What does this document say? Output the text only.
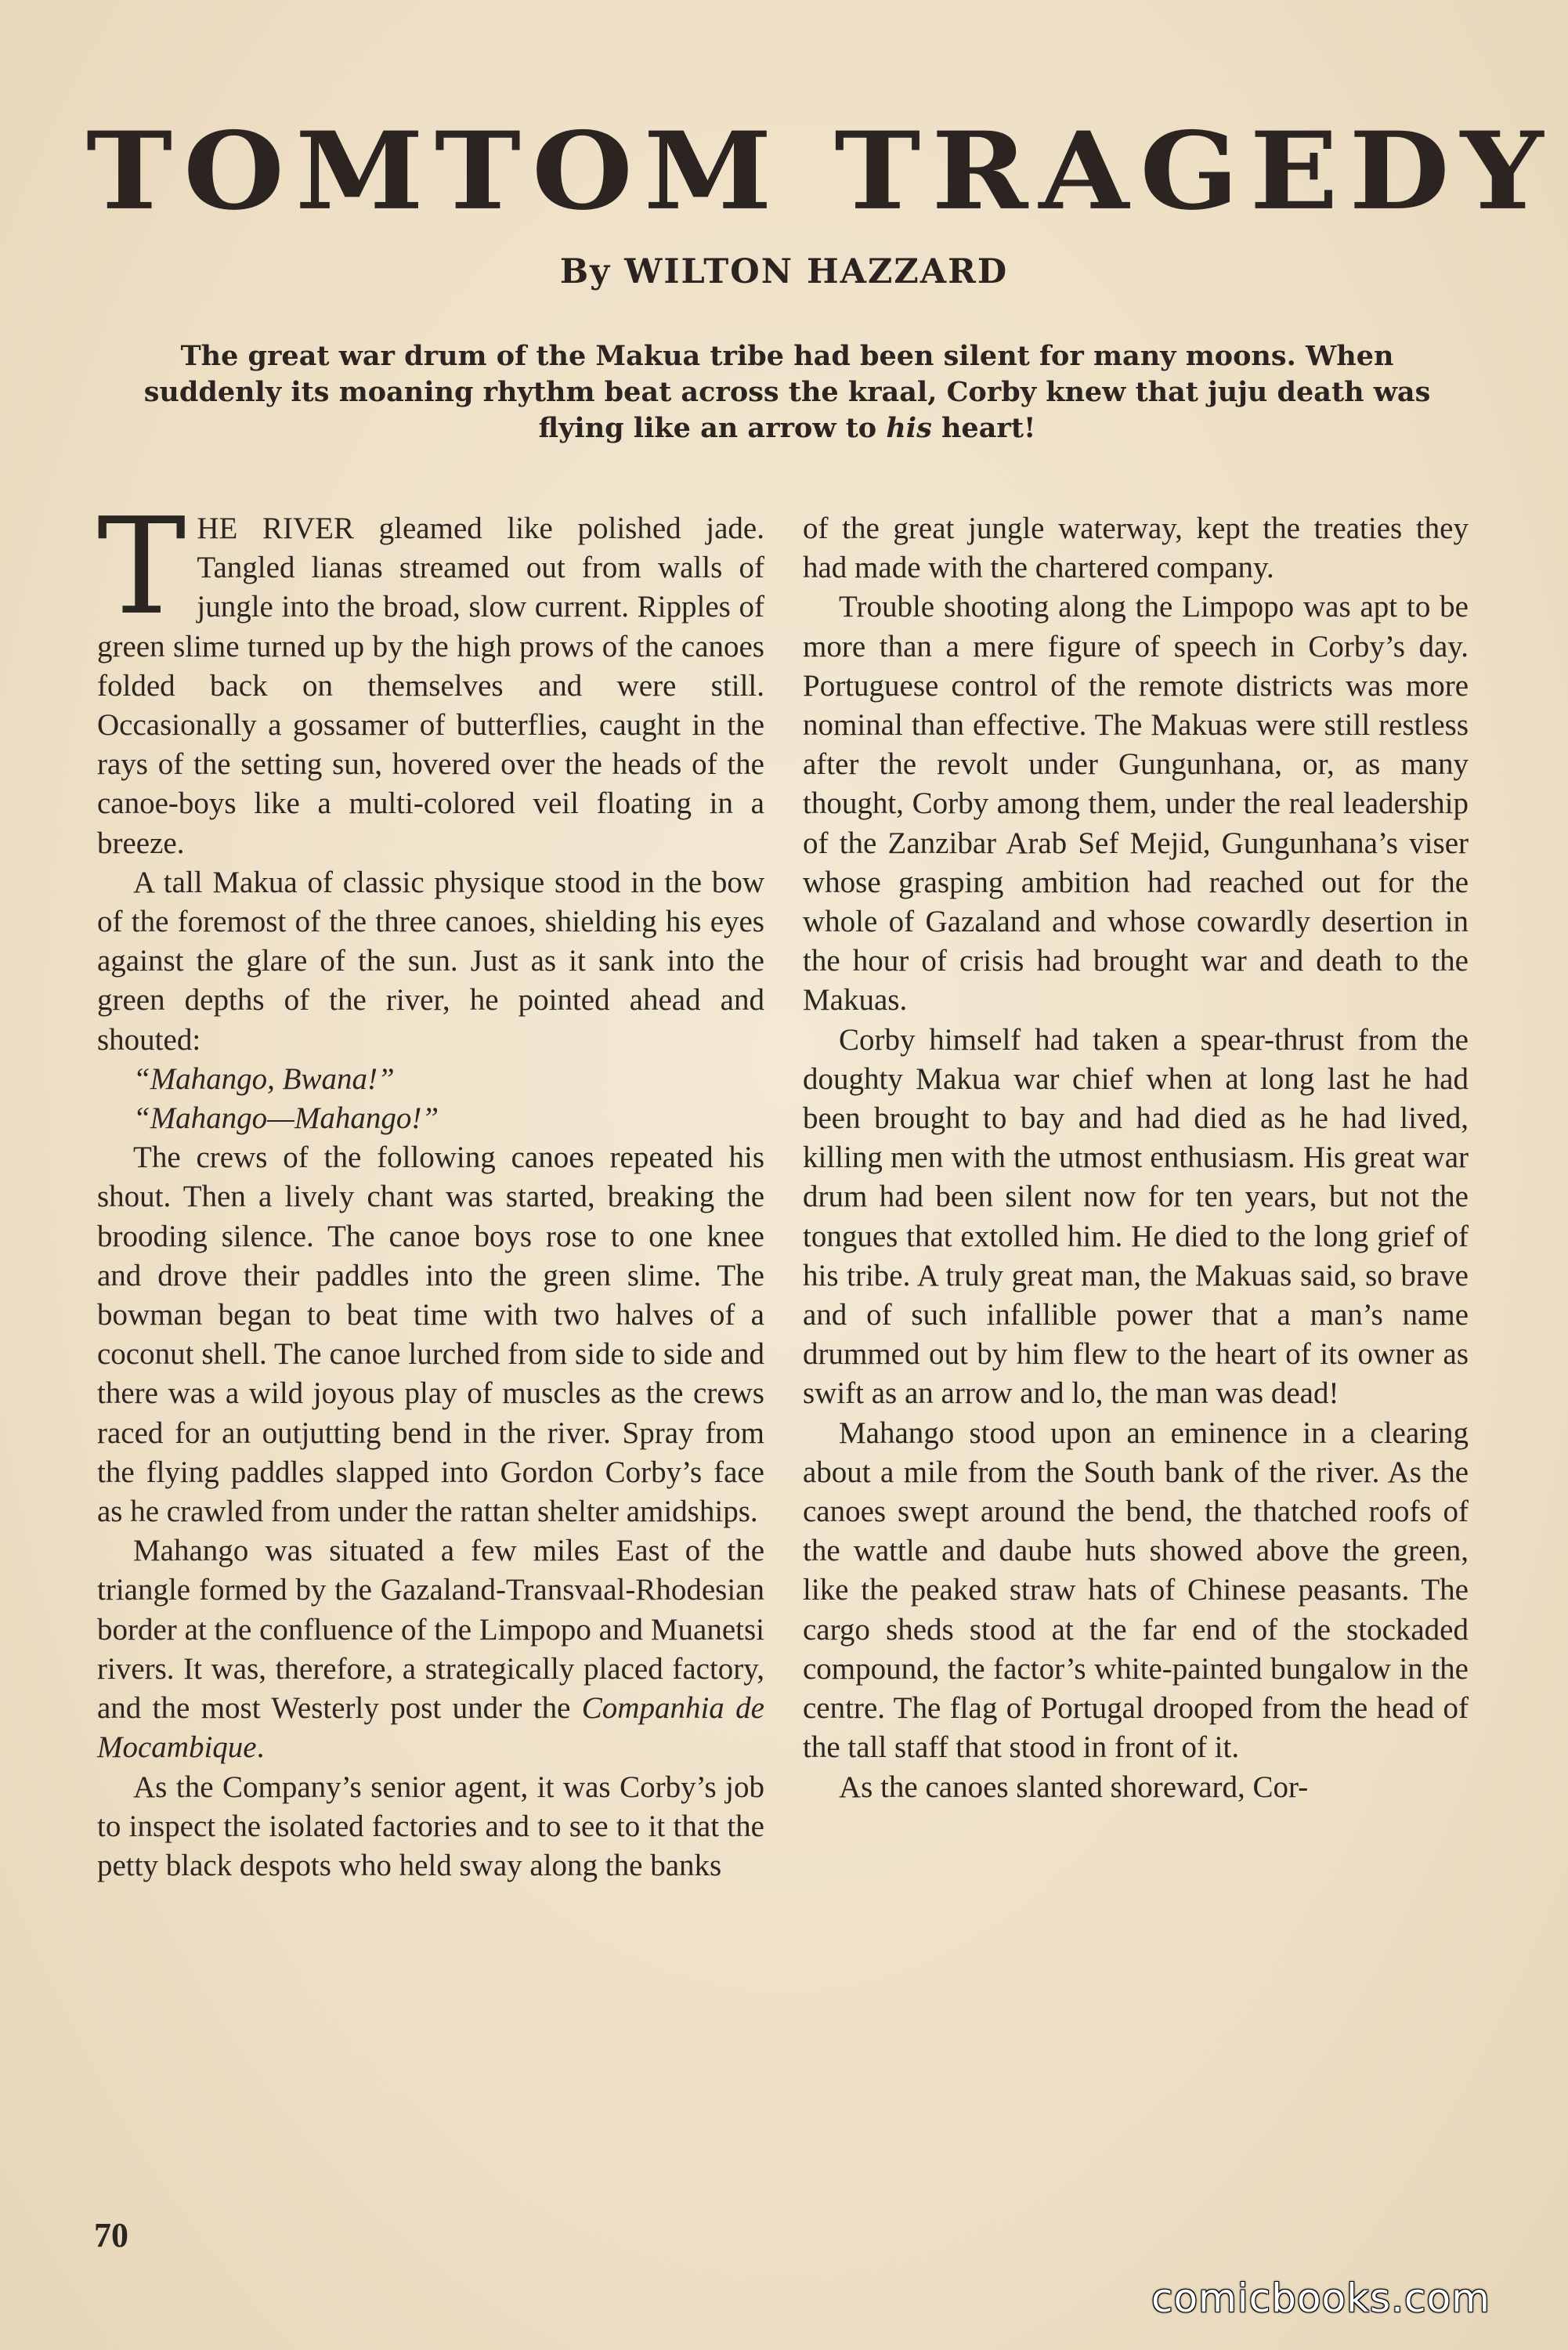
TOMTOM TRAGEDY
By WILTON HAZZARD
The great war drum of the Makua tribe had been silent for many moons. When suddenly its moaning rhythm beat across the kraal, Corby knew that juju death was flying like an arrow to his heart!

THE RIVER gleamed like polished jade. Tangled lianas streamed out from walls of jungle into the broad, slow current. Ripples of green slime turned up by the high prows of the canoes folded back on themselves and were still. Occasionally a gossamer of butterflies, caught in the rays of the setting sun, hovered over the heads of the canoe-boys like a multi-colored veil floating in a breeze.

A tall Makua of classic physique stood in the bow of the foremost of the three canoes, shielding his eyes against the glare of the sun. Just as it sank into the green depths of the river, he pointed ahead and shouted:

“Mahango, Bwana!”

“Mahango—Mahango!”

The crews of the following canoes repeated his shout. Then a lively chant was started, breaking the brooding silence. The canoe boys rose to one knee and drove their paddles into the green slime. The bowman began to beat time with two halves of a coconut shell. The canoe lurched from side to side and there was a wild joyous play of muscles as the crews raced for an outjutting bend in the river. Spray from the flying paddles slapped into Gordon Corby’s face as he crawled from under the rattan shelter amidships.

Mahango was situated a few miles East of the triangle formed by the Gazaland-Transvaal-Rhodesian border at the confluence of the Limpopo and Muanetsi rivers. It was, therefore, a strategically placed factory, and the most Westerly post under the Companhia de Mocambique.

As the Company’s senior agent, it was Corby’s job to inspect the isolated factories and to see to it that the petty black despots who held sway along the banks

of the great jungle waterway, kept the treaties they had made with the chartered company.

Trouble shooting along the Limpopo was apt to be more than a mere figure of speech in Corby’s day. Portuguese control of the remote districts was more nominal than effective. The Makuas were still restless after the revolt under Gungunhana, or, as many thought, Corby among them, under the real leadership of the Zanzibar Arab Sef Mejid, Gungunhana’s viser whose grasping ambition had reached out for the whole of Gazaland and whose cowardly desertion in the hour of crisis had brought war and death to the Makuas.

Corby himself had taken a spear-thrust from the doughty Makua war chief when at long last he had been brought to bay and had died as he had lived, killing men with the utmost enthusiasm. His great war drum had been silent now for ten years, but not the tongues that extolled him. He died to the long grief of his tribe. A truly great man, the Makuas said, so brave and of such infallible power that a man’s name drummed out by him flew to the heart of its owner as swift as an arrow and lo, the man was dead!

Mahango stood upon an eminence in a clearing about a mile from the South bank of the river. As the canoes swept around the bend, the thatched roofs of the wattle and daube huts showed above the green, like the peaked straw hats of Chinese peasants. The cargo sheds stood at the far end of the stockaded compound, the factor’s white-painted bungalow in the centre. The flag of Portugal drooped from the head of the tall staff that stood in front of it.

As the canoes slanted shoreward, Cor-

70
comicbooks.com
